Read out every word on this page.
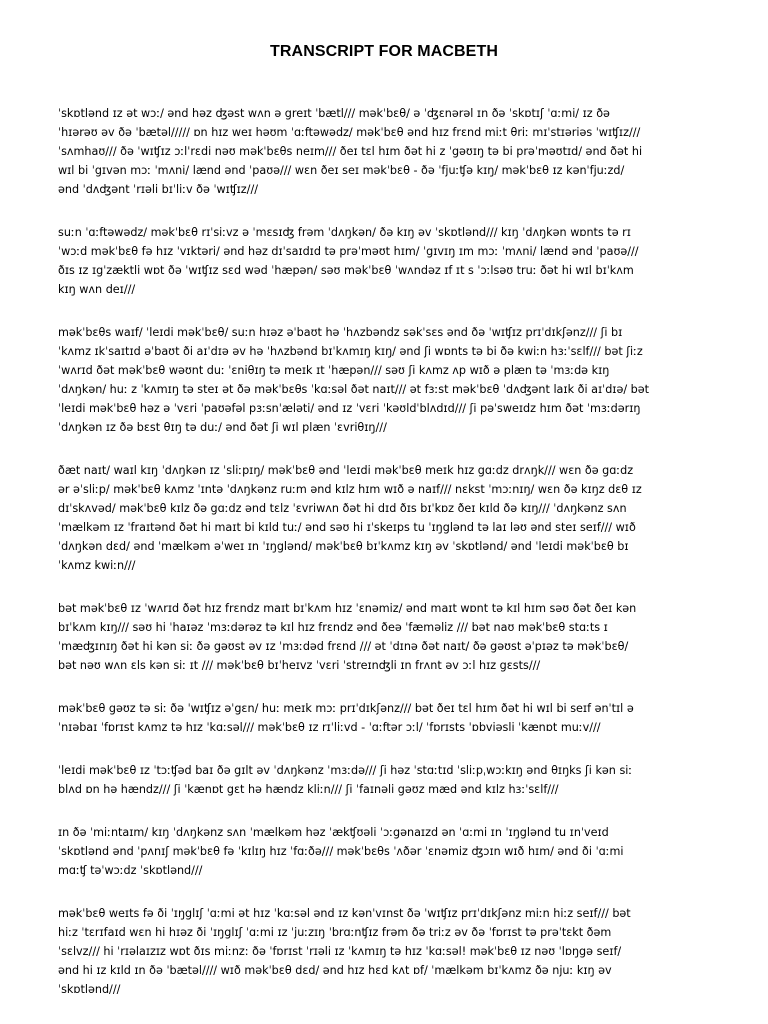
TRANSCRIPT FOR MACBETH

ˈskɒtlənd ɪz ət wɔː/ ənd həz ʤəst wʌn ə greɪt ˈbætl/// məkˈbɛθ/ ə ˈʤɛnərəl ɪn ðə ˈskɒtɪʃ ˈɑːmi/ ɪz ðə
ˈhɪərəʊ əv ðə ˈbætəl///// ɒn hɪz weɪ həʊm ˈɑːftəwədz/ məkˈbɛθ ənd hɪz frɛnd miːt θriː mɪˈstɪəriəs ˈwɪʧɪz///
ˈsʌmhaʊ/// ðə ˈwɪʧɪz ɔːlˈrɛdi nəʊ məkˈbɛθs neɪm/// ðeɪ tɛl hɪm ðət hi z ˈgəʊɪŋ tə bi prəˈməʊtɪd/ ənd ðət hi
wɪl bi ˈgɪvən mɔː ˈmʌni/ lænd ənd ˈpaʊə/// wɛn ðeɪ seɪ məkˈbɛθ - ðə ˈfjuːʧə kɪŋ/ məkˈbɛθ ɪz kənˈfjuːzd/
ənd ˈdʌʤənt ˈrɪəli bɪˈliːv ðə ˈwɪʧɪz///

suːn ˈɑːftəwədz/ məkˈbɛθ rɪˈsiːvz ə ˈmɛsɪʤ frəm ˈdʌŋkən/ ðə kɪŋ əv ˈskɒtlənd/// kɪŋ ˈdʌŋkən wɒnts tə rɪ
ˈwɔːd məkˈbɛθ fə hɪz ˈvɪktəri/ ənd həz dɪˈsaɪdɪd tə prəˈməʊt hɪm/ ˈgɪvɪŋ ɪm mɔː ˈmʌni/ lænd ənd ˈpaʊə///
ðɪs ɪz ɪgˈzæktli wɒt ðə ˈwɪʧɪz sɛd wəd ˈhæpən/ səʊ məkˈbɛθ ˈwʌndəz ɪf ɪt s ˈɔːlsəʊ truː ðət hi wɪl bɪˈkʌm
kɪŋ wʌn deɪ///

məkˈbɛθs waɪf/ ˈleɪdi məkˈbɛθ/ suːn hɪəz əˈbaʊt hə ˈhʌzbəndz səkˈsɛs ənd ðə ˈwɪʧɪz prɪˈdɪkʃənz/// ʃi bɪ
ˈkʌmz ɪkˈsaɪtɪd əˈbaʊt ði aɪˈdɪə əv hə ˈhʌzbənd bɪˈkʌmɪŋ kɪŋ/ ənd ʃi wɒnts tə bi ðə kwiːn hɜːˈsɛlf/// bət ʃiːz
ˈwʌrɪd ðət məkˈbɛθ wəʊnt duː ˈɛniθɪŋ tə meɪk ɪt ˈhæpən/// səʊ ʃi kʌmz ʌp wɪð ə plæn tə ˈmɜːdə kɪŋ
ˈdʌŋkən/ huː z ˈkʌmɪŋ tə steɪ ət ðə məkˈbɛθs ˈkɑːsəl ðət naɪt/// ət fɜːst məkˈbɛθ ˈdʌʤənt laɪk ði aɪˈdɪə/ bət
ˈleɪdi məkˈbɛθ həz ə ˈvɛri ˈpaʊəfəl pɜːsnˈæləti/ ənd ɪz ˈvɛri ˈkəʊldˈblʌdɪd/// ʃi pəˈsweɪdz hɪm ðət ˈmɜːdərɪŋ
ˈdʌŋkən ɪz ðə bɛst θɪŋ tə duː/ ənd ðət ʃi wɪl plæn ˈɛvriθɪŋ///

ðæt naɪt/ waɪl kɪŋ ˈdʌŋkən ɪz ˈsliːpɪŋ/ məkˈbɛθ ənd ˈleɪdi məkˈbɛθ meɪk hɪz gɑːdz drʌŋk/// wɛn ðə gɑːdz
ər əˈsliːp/ məkˈbɛθ kʌmz ˈɪntə ˈdʌŋkənz ruːm ənd kɪlz hɪm wɪð ə naɪf/// nɛkst ˈmɔːnɪŋ/ wɛn ðə kɪŋz dɛθ ɪz
dɪˈskʌvəd/ məkˈbɛθ kɪlz ðə gɑːdz ənd tɛlz ˈɛvriwʌn ðət hi dɪd ðɪs bɪˈkɒz ðeɪ kɪld ðə kɪŋ/// ˈdʌŋkənz sʌn
ˈmælkəm ɪz ˈfraɪtənd ðət hi maɪt bi kɪld tuː/ ənd səʊ hi ɪˈskeɪps tu ˈɪŋglənd tə laɪ ləʊ ənd steɪ seɪf/// wɪð
ˈdʌŋkən dɛd/ ənd ˈmælkəm əˈweɪ ɪn ˈɪŋglənd/ məkˈbɛθ bɪˈkʌmz kɪŋ əv ˈskɒtlənd/ ənd ˈleɪdi məkˈbɛθ bɪ
ˈkʌmz kwiːn///

bət məkˈbɛθ ɪz ˈwʌrɪd ðət hɪz frɛndz maɪt bɪˈkʌm hɪz ˈɛnəmiz/ ənd maɪt wɒnt tə kɪl hɪm səʊ ðət ðeɪ kən
bɪˈkʌm kɪŋ/// səʊ hi ˈhaɪəz ˈmɜːdərəz tə kɪl hɪz frɛndz ənd ðeə ˈfæməliz /// bət naʊ məkˈbɛθ stɑːts ɪ
ˈmæʤɪnɪŋ ðət hi kən siː ðə gəʊst əv ɪz ˈmɜːdəd frɛnd /// ət ˈdɪnə ðət naɪt/ ðə gəʊst əˈpɪəz tə məkˈbɛθ/
bət nəʊ wʌn ɛls kən siː ɪt /// məkˈbɛθ bɪˈheɪvz ˈvɛri ˈstreɪnʤli ɪn frʌnt əv ɔːl hɪz gɛsts///

məkˈbɛθ gəʊz tə siː ðə ˈwɪʧɪz əˈgɛn/ huː meɪk mɔː prɪˈdɪkʃənz/// bət ðeɪ tɛl hɪm ðət hi wɪl bi seɪf ənˈtɪl ə
ˈnɪəbaɪ ˈfɒrɪst kʌmz tə hɪz ˈkɑːsəl/// məkˈbɛθ ɪz rɪˈliːvd - ˈɑːftər ɔːl/ ˈfɒrɪsts ˈɒbviəsli ˈkænɒt muːv///

ˈleɪdi məkˈbɛθ ɪz ˈtɔːʧəd baɪ ðə gɪlt əv ˈdʌŋkənz ˈmɜːdə/// ʃi həz ˈstɑːtɪd ˈsliːpˌwɔːkɪŋ ənd θɪŋks ʃi kən siː
blʌd ɒn hə hændz/// ʃi ˈkænɒt gɛt hə hændz kliːn/// ʃi ˈfaɪnəli gəʊz mæd ənd kɪlz hɜːˈsɛlf///

ɪn ðə ˈmiːntaɪm/ kɪŋ ˈdʌŋkənz sʌn ˈmælkəm həz ˈækʧʊəli ˈɔːgənaɪzd ən ˈɑːmi ɪn ˈɪŋglənd tu ɪnˈveɪd
ˈskɒtlənd ənd ˈpʌnɪʃ məkˈbɛθ fə ˈkɪlɪŋ hɪz ˈfɑːðə/// məkˈbɛθs ˈʌðər ˈɛnəmiz ʤɔɪn wɪð hɪm/ ənd ði ˈɑːmi
mɑːʧ təˈwɔːdz ˈskɒtlənd///

məkˈbɛθ weɪts fə ði ˈɪŋglɪʃ ˈɑːmi ət hɪz ˈkɑːsəl ənd ɪz kənˈvɪnst ðə ˈwɪʧɪz prɪˈdɪkʃənz miːn hiːz seɪf/// bət
hiːz ˈtɛrɪfaɪd wɛn hi hɪəz ði ˈɪŋglɪʃ ˈɑːmi ɪz ˈjuːzɪŋ ˈbrɑːnʧɪz frəm ðə triːz əv ðə ˈfɒrɪst tə prəˈtɛkt ðəm
ˈsɛlvz/// hi ˈrɪəlaɪzɪz wɒt ðɪs miːnz: ðə ˈfɒrɪst ˈrɪəli ɪz ˈkʌmɪŋ tə hɪz ˈkɑːsəl! məkˈbɛθ ɪz nəʊ ˈlɒŋgə seɪf/
ənd hi ɪz kɪld ɪn ðə ˈbætəl//// wɪð məkˈbɛθ dɛd/ ənd hɪz hɛd kʌt ɒf/ ˈmælkəm bɪˈkʌmz ðə njuː kɪŋ əv
ˈskɒtlənd///
